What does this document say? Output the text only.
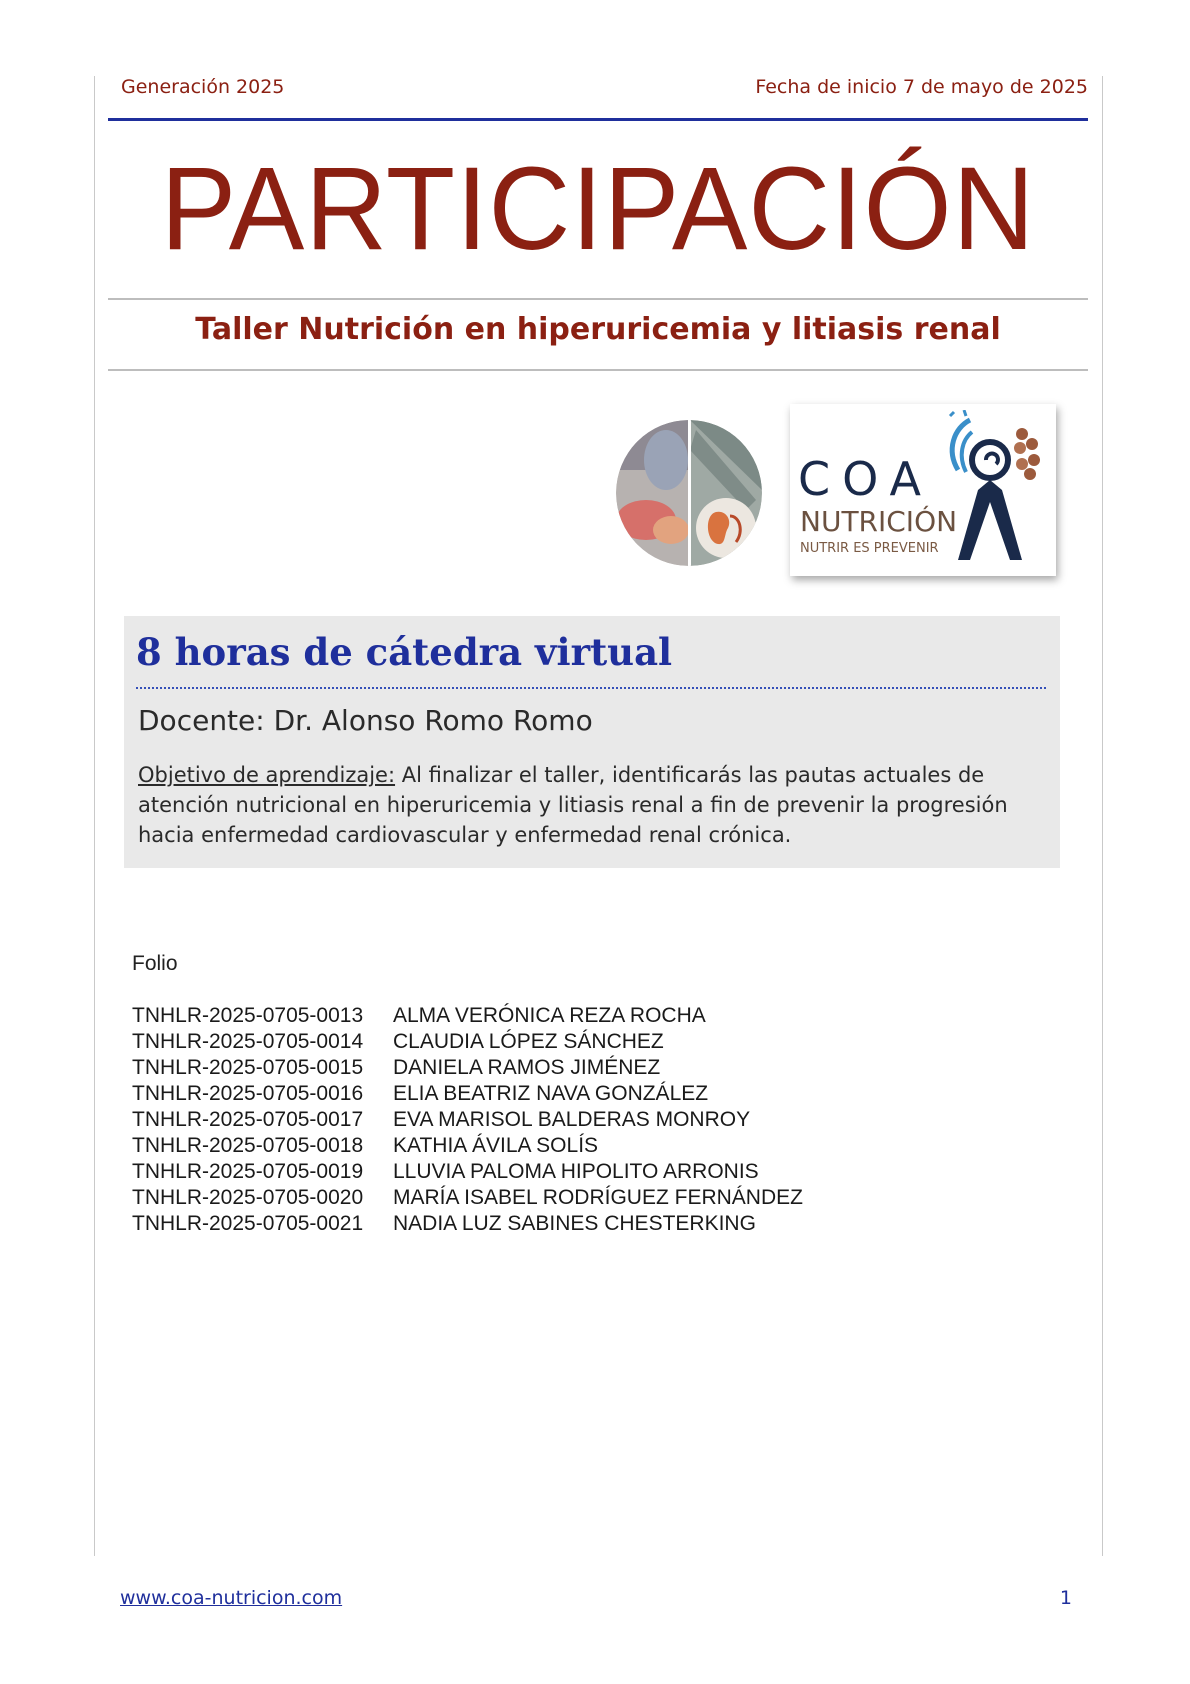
Generación 2025	Fecha de inicio 7 de mayo de 2025
PARTICIPACIÓN
Taller Nutrición en hiperuricemia y litiasis renal
COA
NUTRICIÓN
NUTRIR ES PREVENIR
8 horas de cátedra virtual
Docente: Dr. Alonso Romo Romo
Objetivo de aprendizaje: Al finalizar el taller, identificarás las pautas actuales de atención nutricional en hiperuricemia y litiasis renal a fin de prevenir la progresión hacia enfermedad cardiovascular y enfermedad renal crónica.
Folio
TNHLR-2025-0705-0013	ALMA VERÓNICA REZA ROCHA
TNHLR-2025-0705-0014	CLAUDIA LÓPEZ SÁNCHEZ
TNHLR-2025-0705-0015	DANIELA RAMOS JIMÉNEZ
TNHLR-2025-0705-0016	ELIA BEATRIZ NAVA GONZÁLEZ
TNHLR-2025-0705-0017	EVA MARISOL BALDERAS MONROY
TNHLR-2025-0705-0018	KATHIA ÁVILA SOLÍS
TNHLR-2025-0705-0019	LLUVIA PALOMA HIPOLITO ARRONIS
TNHLR-2025-0705-0020	MARÍA ISABEL RODRÍGUEZ FERNÁNDEZ
TNHLR-2025-0705-0021	NADIA LUZ SABINES CHESTERKING
www.coa-nutricion.com	1
